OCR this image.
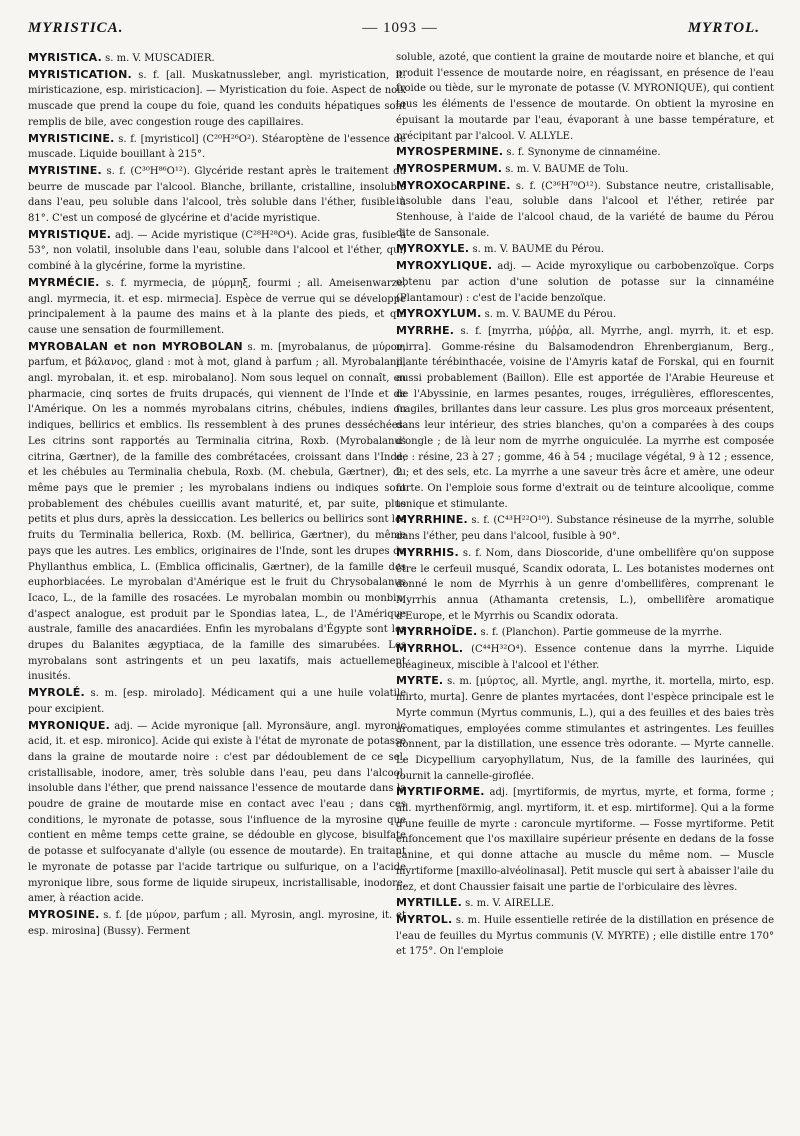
MYRISTICA.	— 1093 —	MYRTOL.

MYRISTICA. s. m. V. MUSCADIER.

MYRISTICATION. s. f. [all. Muskatnussleber, angl. myristication, it. miristicazione, esp. miristicacion]. — Myristication du foie. Aspect de noix muscade que prend la coupe du foie, quand les conduits hépatiques sont remplis de bile, avec congestion rouge des capillaires.

MYRISTICINE. s. f. [myristicol] (C²⁰H²⁶O²). Stéaroptène de l'essence de muscade. Liquide bouillant à 215°.

MYRISTINE. s. f. (C³⁰H⁸⁶O¹²). Glycéride restant après le traitement du beurre de muscade par l'alcool. Blanche, brillante, cristalline, insoluble dans l'eau, peu soluble dans l'alcool, très soluble dans l'éther, fusible à 81°. C'est un composé de glycérine et d'acide myristique.

MYRISTIQUE. adj. — Acide myristique (C²⁸H²⁸O⁴). Acide gras, fusible à 53°, non volatil, insoluble dans l'eau, soluble dans l'alcool et l'éther, qui, combiné à la glycérine, forme la myristine.

MYRMÉCIE. s. f. myrmecia, de μύρμηξ, fourmi ; all. Ameisenwarze, angl. myrmecia, it. et esp. mirmecia]. Espèce de verrue qui se développe principalement à la paume des mains et à la plante des pieds, et qui cause une sensation de fourmillement.

MYROBALAN et non MYROBOLAN s. m. [myrobalanus, de μύρον, parfum, et βάλανος, gland : mot à mot, gland à parfum ; all. Myrobalanil, angl. myrobalan, it. et esp. mirobalano]. Nom sous lequel on connaît, en pharmacie, cinq sortes de fruits drupacés, qui viennent de l'Inde et de l'Amérique. On les a nommés myrobalans citrins, chébules, indiens ou indiques, bellirics et emblics. Ils ressemblent à des prunes desséchées. Les citrins sont rapportés au Terminalia citrina, Roxb. (Myrobalanus citrina, Gærtner), de la famille des combrétacées, croissant dans l'Inde, et les chébules au Terminalia chebula, Roxb. (M. chebula, Gærtner), du même pays que le premier ; les myrobalans indiens ou indiques sont probablement des chébules cueillis avant maturité, et, par suite, plus petits et plus durs, après la dessiccation. Les bellerics ou bellirics sont les fruits du Terminalia bellerica, Roxb. (M. bellirica, Gærtner), du même pays que les autres. Les emblics, originaires de l'Inde, sont les drupes du Phyllanthus emblica, L. (Emblica officinalis, Gærtner), de la famille des euphorbiacées. Le myrobalan d'Amérique est le fruit du Chrysobalanus Icaco, L., de la famille des rosacées. Le myrobalan mombin ou monbin, d'aspect analogue, est produit par le Spondias latea, L., de l'Amérique australe, famille des anacardiées. Enfin les myrobalans d'Égypte sont les drupes du Balanites ægyptiaca, de la famille des simarubées. Les myrobalans sont astringents et un peu laxatifs, mais actuellement inusités.

MYROLÉ. s. m. [esp. mirolado]. Médicament qui a une huile volatile pour excipient.

MYRONIQUE. adj. — Acide myronique [all. Myronsäure, angl. myronic acid, it. et esp. mironico]. Acide qui existe à l'état de myronate de potasse dans la graine de moutarde noire : c'est par dédoublement de ce sel, cristallisable, inodore, amer, très soluble dans l'eau, peu dans l'alcool, insoluble dans l'éther, que prend naissance l'essence de moutarde dans la poudre de graine de moutarde mise en contact avec l'eau ; dans ces conditions, le myronate de potasse, sous l'influence de la myrosine que contient en même temps cette graine, se dédouble en glycose, bisulfate de potasse et sulfocyanate d'allyle (ou essence de moutarde). En traitant le myronate de potasse par l'acide tartrique ou sulfurique, on a l'acide myronique libre, sous forme de liquide sirupeux, incristallisable, inodore, amer, à réaction acide.

MYROSINE. s. f. [de μύρον, parfum ; all. Myrosin, angl. myrosine, it. et esp. mirosina] (Bussy). Ferment

soluble, azoté, que contient la graine de moutarde noire et blanche, et qui produit l'essence de moutarde noire, en réagissant, en présence de l'eau froide ou tiède, sur le myronate de potasse (V. MYRONIQUE), qui contient tous les éléments de l'essence de moutarde. On obtient la myrosine en épuisant la moutarde par l'eau, évaporant à une basse température, et précipitant par l'alcool. V. ALLYLE.

MYROSPERMINE. s. f. Synonyme de cinnaméine.

MYROSPERMUM. s. m. V. BAUME de Tolu.

MYROXOCARPINE. s. f. (C³⁶H⁷⁰O¹²). Substance neutre, cristallisable, insoluble dans l'eau, soluble dans l'alcool et l'éther, retirée par Stenhouse, à l'aide de l'alcool chaud, de la variété de baume du Pérou dite de Sansonale.

MYROXYLE. s. m. V. BAUME du Pérou.

MYROXYLIQUE. adj. — Acide myroxylique ou carbobenzoïque. Corps obtenu par action d'une solution de potasse sur la cinnaméine (Plantamour) : c'est de l'acide benzoïque.

MYROXYLUM. s. m. V. BAUME du Pérou.

MYRRHE. s. f. [myrrha, μύῤῥα, all. Myrrhe, angl. myrrh, it. et esp. mirra]. Gomme-résine du Balsamodendron Ehrenbergianum, Berg., plante térébinthacée, voisine de l'Amyris kataf de Forskal, qui en fournit aussi probablement (Baillon). Elle est apportée de l'Arabie Heureuse et de l'Abyssinie, en larmes pesantes, rouges, irrégulières, efflorescentes, fragiles, brillantes dans leur cassure. Les plus gros morceaux présentent, dans leur intérieur, des stries blanches, qu'on a comparées à des coups d'ongle ; de là leur nom de myrrhe onguiculée. La myrrhe est composée de : résine, 23 à 27 ; gomme, 46 à 54 ; mucilage végétal, 9 à 12 ; essence, 2 ; et des sels, etc. La myrrhe a une saveur très âcre et amère, une odeur forte. On l'emploie sous forme d'extrait ou de teinture alcoolique, comme tonique et stimulante.

MYRRHINE. s. f. (C⁴³H²²O¹⁰). Substance résineuse de la myrrhe, soluble dans l'éther, peu dans l'alcool, fusible à 90°.

MYRRHIS. s. f. Nom, dans Dioscoride, d'une ombellifère qu'on suppose être le cerfeuil musqué, Scandix odorata, L. Les botanistes modernes ont donné le nom de Myrrhis à un genre d'ombellifères, comprenant le Myrrhis annua (Athamanta cretensis, L.), ombellifère aromatique d'Europe, et le Myrrhis ou Scandix odorata.

MYRRHOÏDE. s. f. (Planchon). Partie gommeuse de la myrrhe.

MYRRHOL. (C⁴⁴H³²O⁴). Essence contenue dans la myrrhe. Liquide oléagineux, miscible à l'alcool et l'éther.

MYRTE. s. m. [μύρτος, all. Myrtle, angl. myrthe, it. mortella, mirto, esp. mirto, murta]. Genre de plantes myrtacées, dont l'espèce principale est le Myrte commun (Myrtus communis, L.), qui a des feuilles et des baies très aromatiques, employées comme stimulantes et astringentes. Les feuilles donnent, par la distillation, une essence très odorante. — Myrte cannelle. Le Dicypellium caryophyllatum, Nus, de la famille des laurinées, qui fournit la cannelle-giroflée.

MYRTIFORME. adj. [myrtiformis, de myrtus, myrte, et forma, forme ; all. myrthenförmig, angl. myrtiform, it. et esp. mirtiforme]. Qui a la forme d'une feuille de myrte : caroncule myrtiforme. — Fosse myrtiforme. Petit enfoncement que l'os maxillaire supérieur présente en dedans de la fosse canine, et qui donne attache au muscle du même nom. — Muscle myrtiforme [maxillo-alvéolinasal]. Petit muscle qui sert à abaisser l'aile du nez, et dont Chaussier faisait une partie de l'orbiculaire des lèvres.

MYRTILLE. s. m. V. AIRELLE.

MYRTOL. s. m. Huile essentielle retirée de la distillation en présence de l'eau de feuilles du Myrtus communis (V. MYRTE) ; elle distille entre 170° et 175°. On l'emploie
